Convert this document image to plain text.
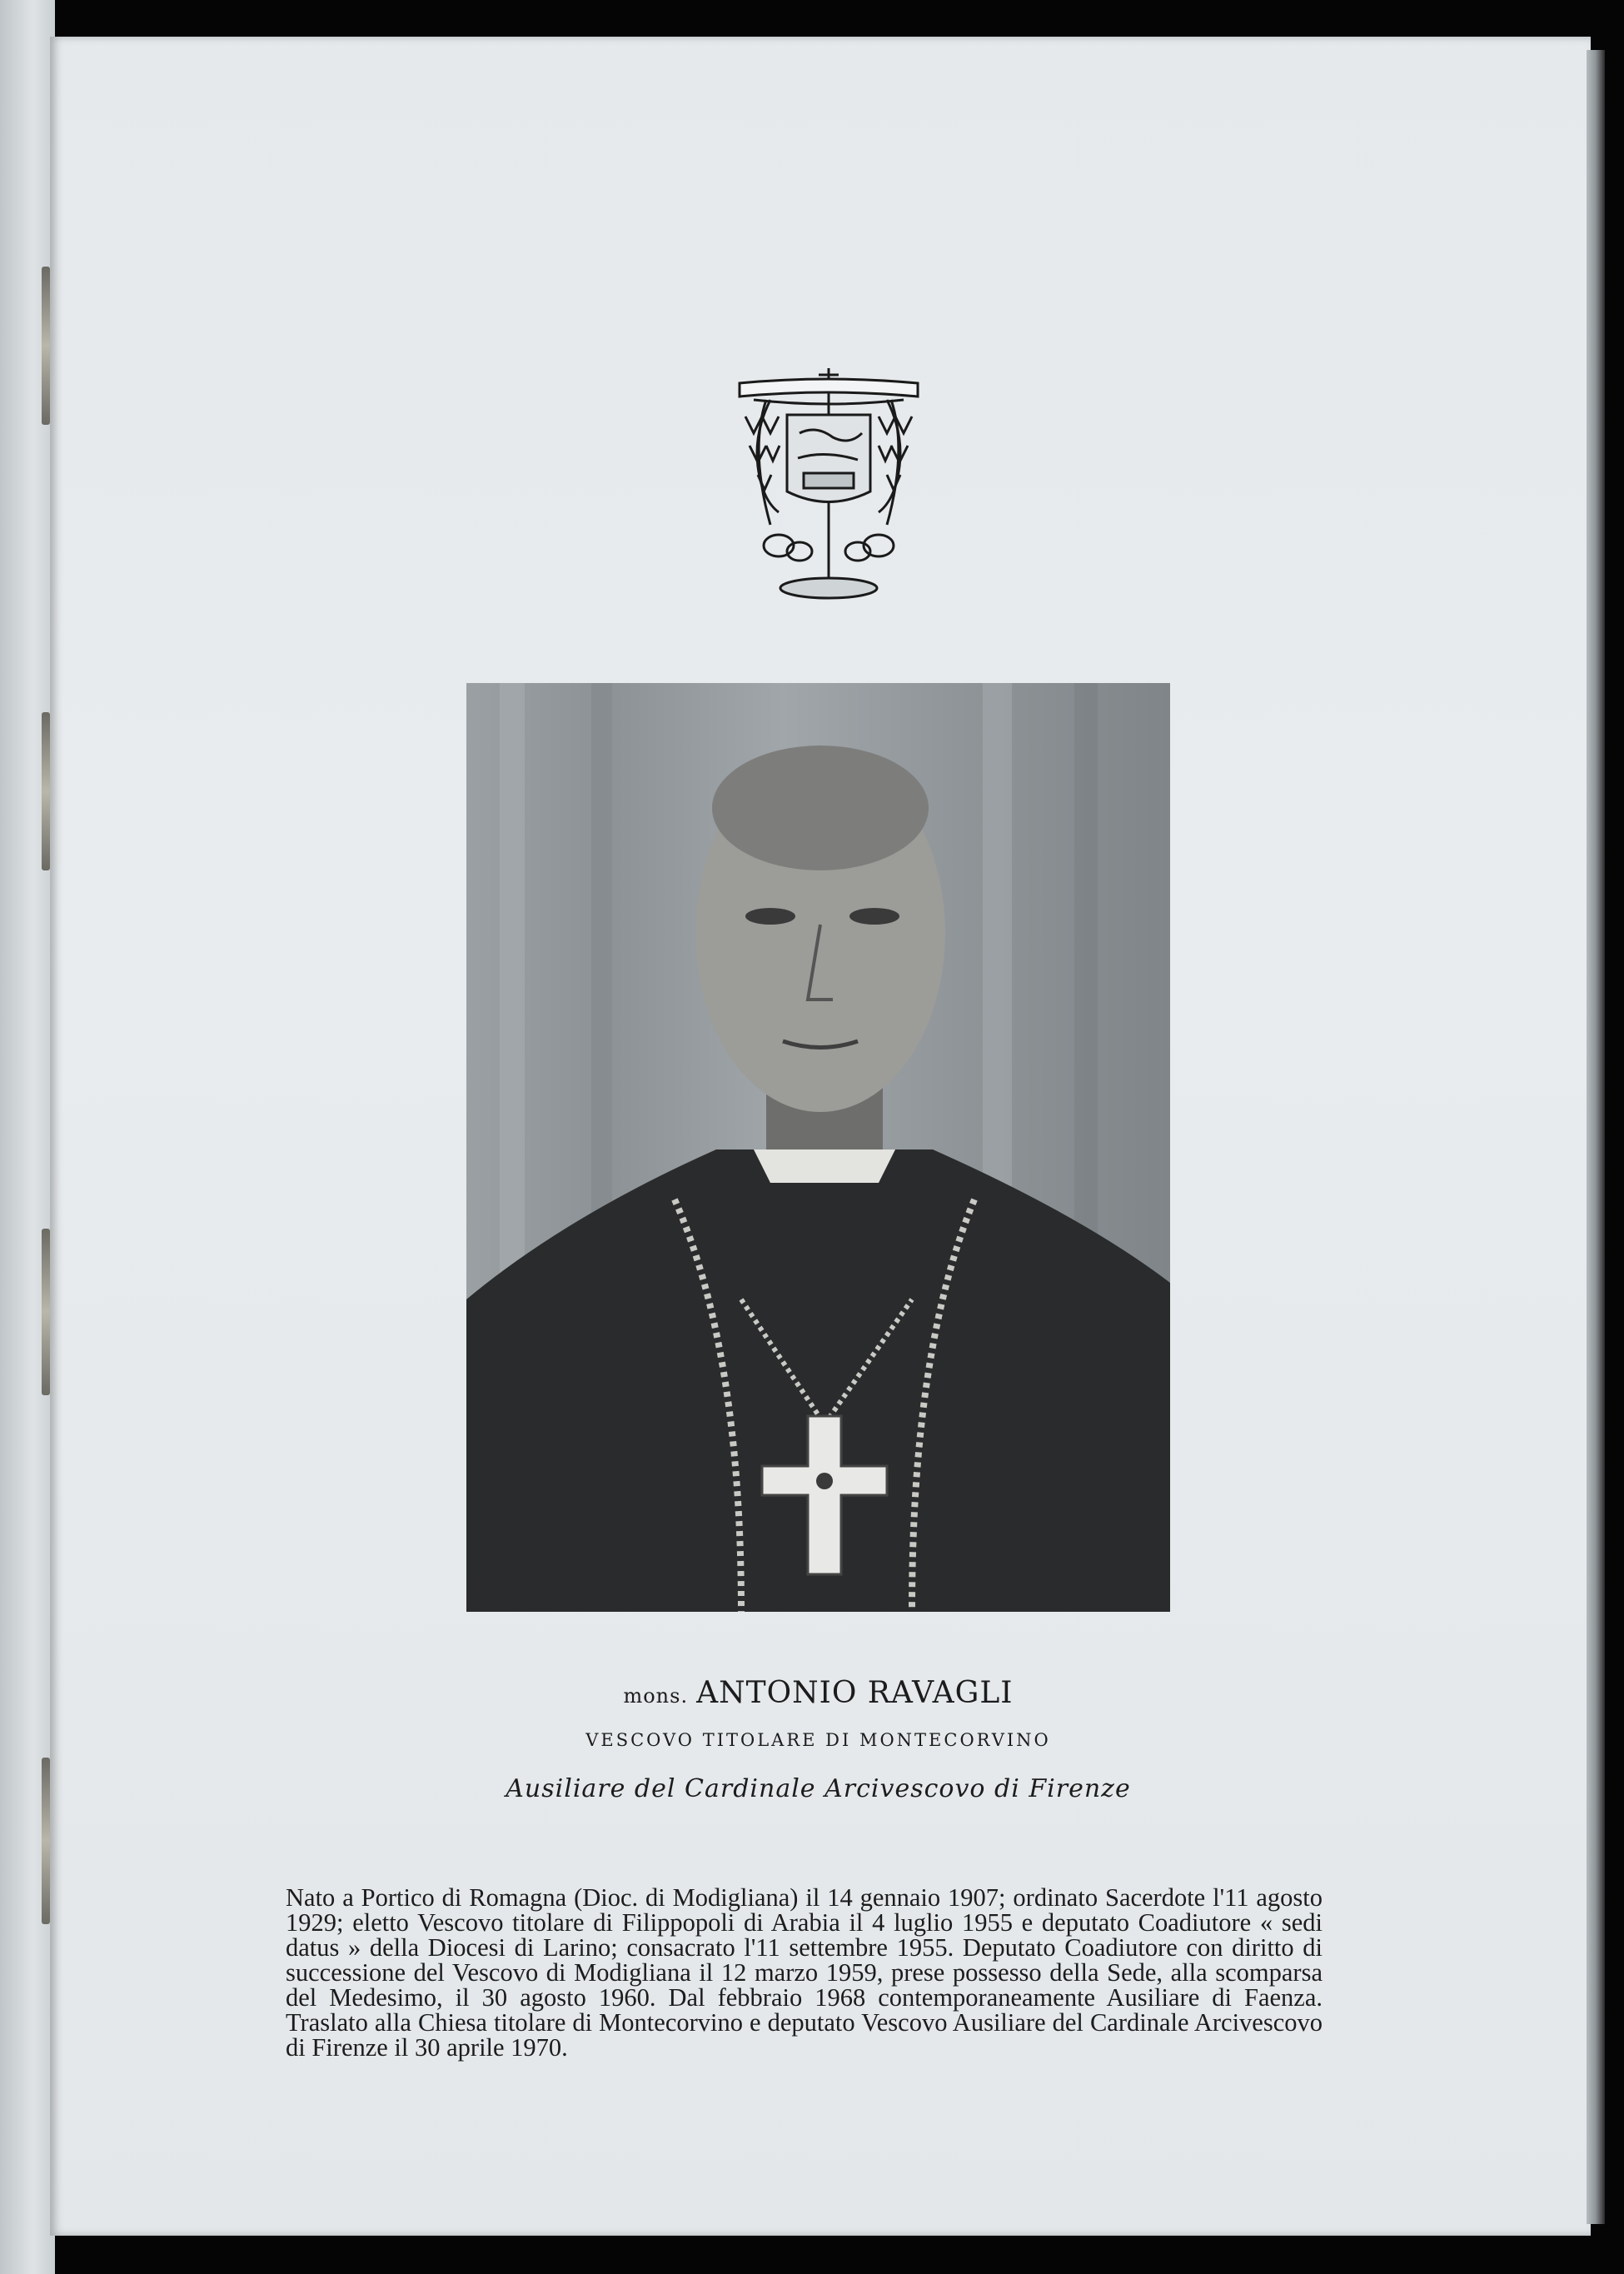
mons. ANTONIO RAVAGLI
VESCOVO TITOLARE DI MONTECORVINO
Ausiliare del Cardinale Arcivescovo di Firenze
Nato a Portico di Romagna (Dioc. di Modigliana) il 14 gennaio 1907; ordinato Sacerdote l'11 agosto 1929; eletto Vescovo titolare di Filippopoli di Arabia il 4 luglio 1955 e deputato Coadiutore « sedi datus » della Diocesi di Larino; consacrato l'11 settembre 1955. Deputato Coadiutore con diritto di successione del Vescovo di Modigliana il 12 marzo 1959, prese possesso della Sede, alla scomparsa del Medesimo, il 30 agosto 1960. Dal febbraio 1968 contemporaneamente Ausiliare di Faenza. Traslato alla Chiesa titolare di Montecorvino e deputato Vescovo Ausiliare del Cardinale Arcivescovo di Firenze il 30 aprile 1970.
